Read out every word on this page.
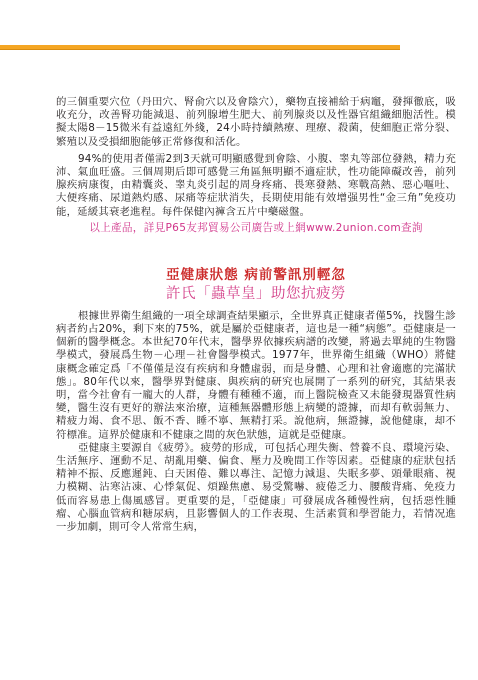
的三個重要穴位（丹田穴、腎俞穴以及會陰穴），藥物直接補給于病竈，發揮徹底，吸收充分，改善腎功能減退、前列腺增生肥大、前列腺炎以及性器官組織細胞活性。模擬太陽8－15微米有益遠紅外綫，24小時持續熱療、理療、殺菌，使細胞正常分裂、繁殖以及受損細胞能够正常修復和活化。

94%的使用者僅需2到3天就可明顯感覺到會陰、小腹、睾丸等部位發熱，精力充沛、氣血旺盛。三個周期后即可感覺三角區無明顯不適症狀，性功能障礙改善，前列腺疾病康復，由精囊炎、睾丸炎引起的周身疼痛、畏寒發熱、寒戰高熱、惡心嘔吐、大便疼痛、尿道熱灼感、尿痛等症狀消失，長期使用能有效增强男性“金三角”免疫功能，延緩其衰老進程。每件保健內褲含五片中藥磁盤。

以上產品，詳見P65友邦貿易公司廣告或上網www.2union.com查詢

亞健康狀態 病前警訊別輕忽
許氏「蟲草皇」助您抗疲勞

根據世界衛生組織的一項全球調查結果顯示，全世界真正健康者僅5%，找醫生診病者約占20%，剩下來的75%，就是屬於亞健康者，這也是一種“病態”。亞健康是一個新的醫學概念。本世紀70年代末，醫學界依據疾病譜的改變，將過去單純的生物醫學模式，發展爲生物－心理－社會醫學模式。1977年，世界衛生組織（WHO）將健康概念確定爲「不僅僅是沒有疾病和身體虛弱，而是身體、心理和社會適應的完滿狀態」。80年代以來，醫學界對健康、與疾病的研究也展開了一系列的研究，其結果表明，當今社會有一龐大的人群，身體有種種不適，而上醫院檢查又未能發現器質性病變，醫生沒有更好的辦法來治療，這種無器體形態上病變的證據，而却有軟弱無力、精疲力竭、食不思、飯不香、睡不寧、無精打采。說他病，無證據，說他健康，却不符標准。這界於健康和不健康之間的灰色狀態，這就是亞健康。

亞健康主要源自《疲勞》。疲勞的形成，可包括心理失衡、營養不良、環境污染、生活無序、運動不足、胡亂用藥、偏食、壓力及晚間工作等因素。亞健康的症狀包括 精神不振、反應遲鈍、白天困倦、難以專注、記憶力減退、失眠多夢、頭暈眼痛、視力模糊、沾寒沾凍、心悸氣促、煩躁焦慮、易受驚嚇、疲倦乏力、腰酸背痛、免疫力低而容易患上傷風感冒。更重要的是，「亞健康」可發展成各種慢性病，包括惡性腫瘤、心腦血管病和糖尿病，且影響個人的工作表現、生活素質和學習能力，若情况進一步加劇，則可令人常常生病，
